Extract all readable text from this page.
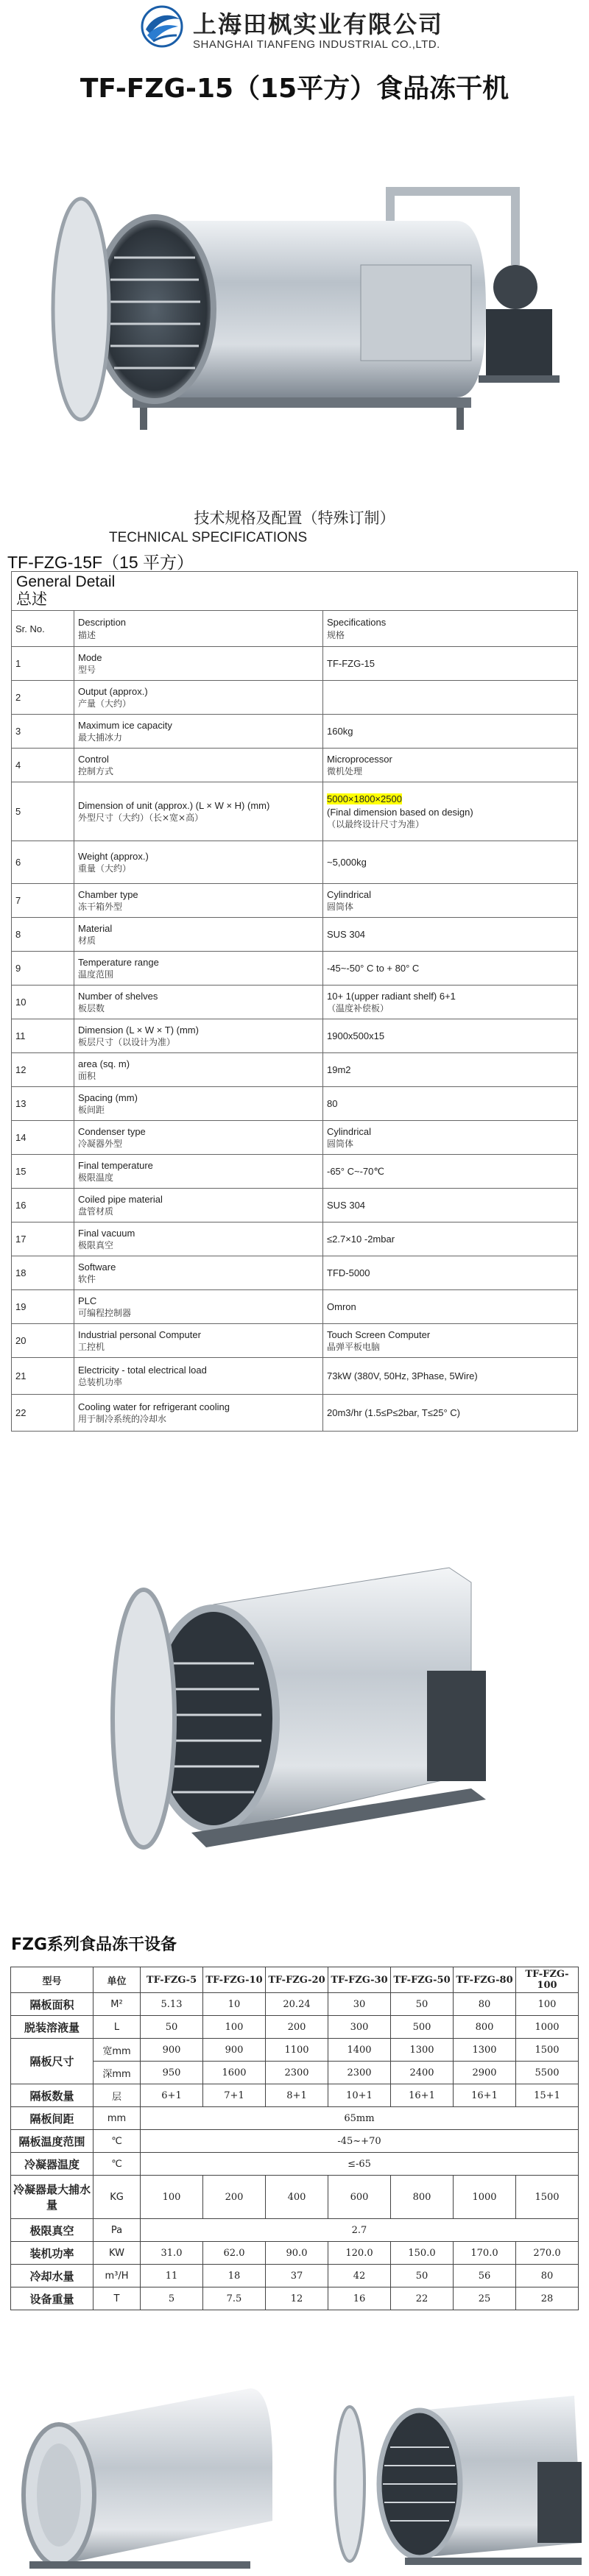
上海田枫实业有限公司
SHANGHAI TIANFENG INDUSTRIAL CO.,LTD.
TF-FZG-15（15平方）食品冻干机
技术规格及配置（特殊订制）
TECHNICAL SPECIFICATIONS
TF-FZG-15F（15 平方）
General Detail
总述		
Sr. No.	Description
描述	Specifications
规格

1	Mode
型号	TF-FZG-15
2	Output (approx.)
产量（大约）	

3	Maximum ice capacity
最大捕冰力	160kg
4	Control
控制方式	Microprocessor
微机处理

5	Dimension of unit (approx.) (L × W × H) (mm)
外型尺寸（大约）（长×宽×高）	5000×1800×2500
(Final dimension based on design)
（以最终设计尺寸为准）

6	Weight (approx.)
重量（大约）	~5,000kg
7	Chamber type
冻干箱外型	Cylindrical
圆筒体

8	Material
材质	SUS 304
9	Temperature range
温度范围	-45~-50° C to + 80° C
10	Number of shelves
板层数	10+ 1(upper radiant shelf) 6+1
（温度补偿板）

11	Dimension (L × W × T) (mm)
板层尺寸（以设计为准）	1900x500x15
12	area (sq. m)
面积	19m2
13	Spacing (mm)
板间距	80
14	Condenser type
冷凝器外型	Cylindrical
圆筒体

15	Final temperature
极限温度	-65° C~-70℃
16	Coiled pipe material
盘管材质	SUS 304
17	Final vacuum
极限真空	≤2.7×10 -2mbar
18	Software
软件	TFD-5000
19	PLC
可编程控制器	Omron
20	Industrial personal Computer
工控机	Touch Screen Computer
晶弹平板电脑

21	Electricity - total electrical load
总装机功率	73kW (380V, 50Hz, 3Phase, 5Wire)
22	Cooling water for refrigerant cooling
用于制冷系统的冷却水	20m3/hr (1.5≤P≤2bar, T≤25° C)
FZG系列食品冻干设备
型号	单位	TF-FZG-5	TF-FZG-10	TF-FZG-20	TF-FZG-30	TF-FZG-50	TF-FZG-80	TF-FZG-100
隔板面积	M²	5.13	10	20.24	30	50	80	100
脱装溶液量	L	50	100	200	300	500	800	1000
隔板尺寸	宽mm	900	900	1100	1400	1300	1300	1500
	深mm	950	1600	2300	2300	2400	2900	5500
隔板数量	层	6+1	7+1	8+1	10+1	16+1	16+1	15+1
隔板间距	mm	65mm						
隔板温度范围	℃	-45~+70						
冷凝器温度	℃	≤-65						
冷凝器最大捕水量	KG	100	200	400	600	800	1000	1500
极限真空	Pa	2.7						
装机功率	KW	31.0	62.0	90.0	120.0	150.0	170.0	270.0
冷却水量	m³/H	11	18	37	42	50	56	80
设备重量	T	5	7.5	12	16	22	25	28
